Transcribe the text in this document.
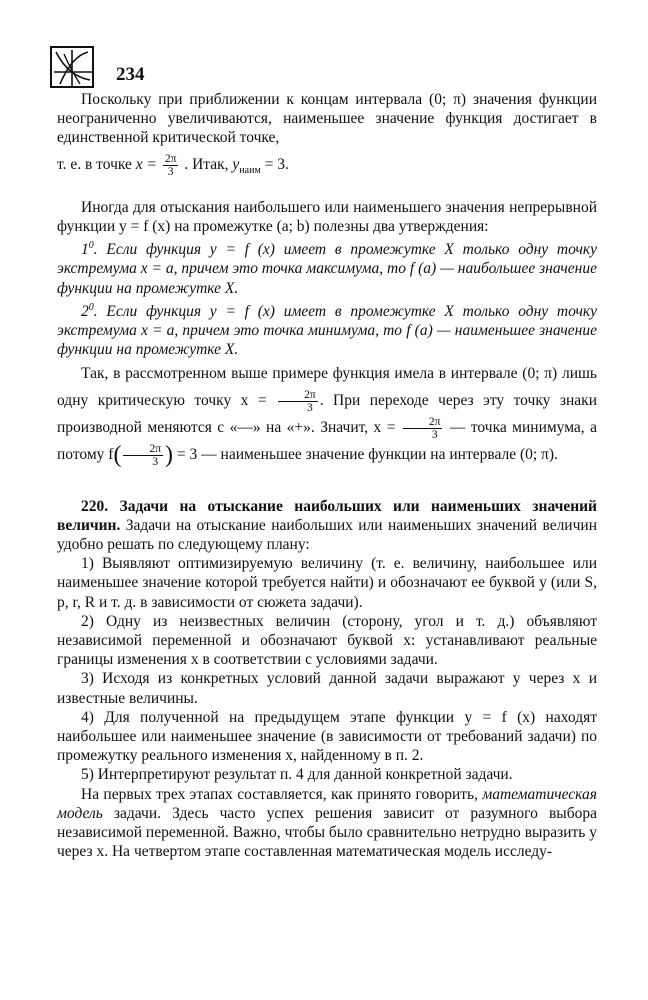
234

Поскольку при приближении к концам интервала (0; π) значения функции неограниченно увеличиваются, наименьшее значение функция достигает в единственной критической точке,

т. е. в точке $x = \frac{2\pi}{3}$ . Итак, $y_{наим} = 3$.

Иногда для отыскания наибольшего или наименьшего значения непрерывной функции y = f (x) на промежутке (a; b) полезны два утверждения:

$1^0$. Если функция y = f (x) имеет в промежутке X только одну точку экстремума x = a, причем это точка максимума, то f (a) — наибольшее значение функции на промежутке X.

$2^0$. Если функция y = f (x) имеет в промежутке X только одну точку экстремума x = a, причем это точка минимума, то f (a) — наименьшее значение функции на промежутке X.

Так, в рассмотренном выше примере функция имела в интервале (0; π) лишь одну критическую точку $x = \frac{2\pi}{3}$ . При переходе через эту точку знаки производной меняются с «—» на «+». Значит, $x = \frac{2\pi}{3}$ — точка минимума, а потому $f( \frac{2\pi}{3}$ ) = 3 — наименьшее значение функции на интервале (0; π).

220. Задачи на отыскание наибольших или наименьших значений величин. Задачи на отыскание наибольших или наименьших значений величин удобно решать по следующему плану:

1) Выявляют оптимизируемую величину (т. е. величину, наибольшее или наименьшее значение которой требуется найти) и обозначают ее буквой y (или S, p, r, R и т. д. в зависимости от сюжета задачи).

2) Одну из неизвестных величин (сторону, угол и т. д.) объявляют независимой переменной и обозначают буквой x: устанавливают реальные границы изменения x в соответствии с условиями задачи.

3) Исходя из конкретных условий данной задачи выражают y через x и известные величины.

4) Для полученной на предыдущем этапе функции y = f (x) находят наибольшее или наименьшее значение (в зависимости от требований задачи) по промежутку реального изменения x, найденному в п. 2.

5) Интерпретируют результат п. 4 для данной конкретной задачи.

На первых трех этапах составляется, как принято говорить, математическая модель задачи. Здесь часто успех решения зависит от разумного выбора независимой переменной. Важно, чтобы было сравнительно нетрудно выразить y через x. На четвертом этапе составленная математическая модель исследу-
